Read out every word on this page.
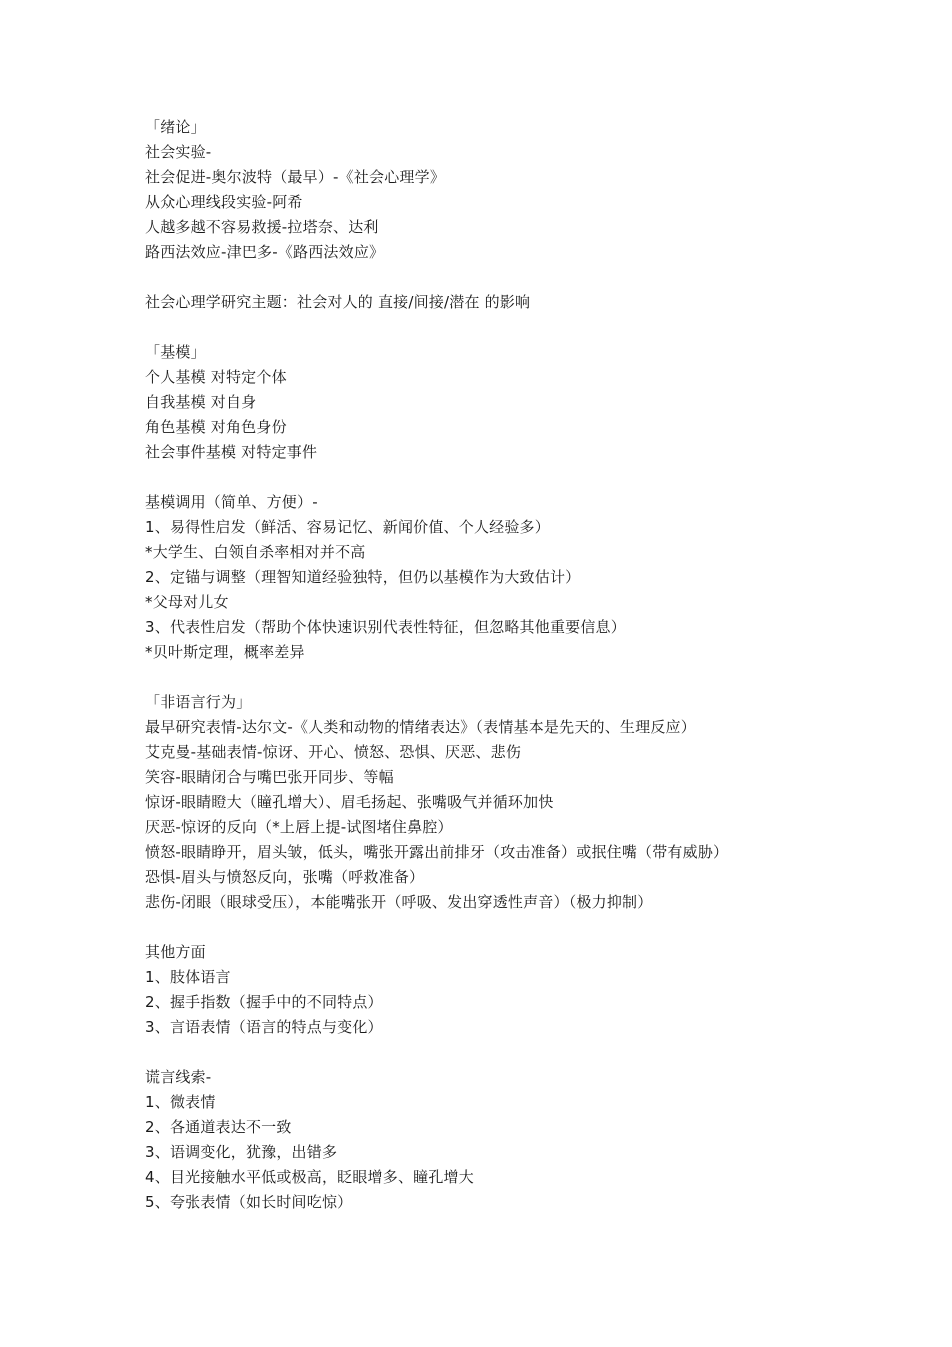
「绪论」
社会实验-
社会促进-奥尔波特（最早）-《社会心理学》
从众心理线段实验-阿希
人越多越不容易救援-拉塔奈、达利
路西法效应-津巴多-《路西法效应》
社会心理学研究主题：社会对人的 直接/间接/潜在 的影响
「基模」
个人基模 对特定个体
自我基模 对自身
角色基模 对角色身份
社会事件基模 对特定事件
基模调用（简单、方便）-
1、易得性启发（鲜活、容易记忆、新闻价值、个人经验多）
*大学生、白领自杀率相对并不高
2、定锚与调整（理智知道经验独特，但仍以基模作为大致估计）
*父母对儿女
3、代表性启发（帮助个体快速识别代表性特征，但忽略其他重要信息）
*贝叶斯定理，概率差异
「非语言行为」
最早研究表情-达尔文-《人类和动物的情绪表达》（表情基本是先天的、生理反应）
艾克曼-基础表情-惊讶、开心、愤怒、恐惧、厌恶、悲伤
笑容-眼睛闭合与嘴巴张开同步、等幅
惊讶-眼睛瞪大（瞳孔增大）、眉毛扬起、张嘴吸气并循环加快
厌恶-惊讶的反向（*上唇上提-试图堵住鼻腔）
愤怒-眼睛睁开，眉头皱，低头，嘴张开露出前排牙（攻击准备）或抿住嘴（带有威胁）
恐惧-眉头与愤怒反向，张嘴（呼救准备）
悲伤-闭眼（眼球受压），本能嘴张开（呼吸、发出穿透性声音）（极力抑制）
其他方面
1、肢体语言
2、握手指数（握手中的不同特点）
3、言语表情（语言的特点与变化）
谎言线索-
1、微表情
2、各通道表达不一致
3、语调变化，犹豫，出错多
4、目光接触水平低或极高，眨眼增多、瞳孔增大
5、夸张表情（如长时间吃惊）
